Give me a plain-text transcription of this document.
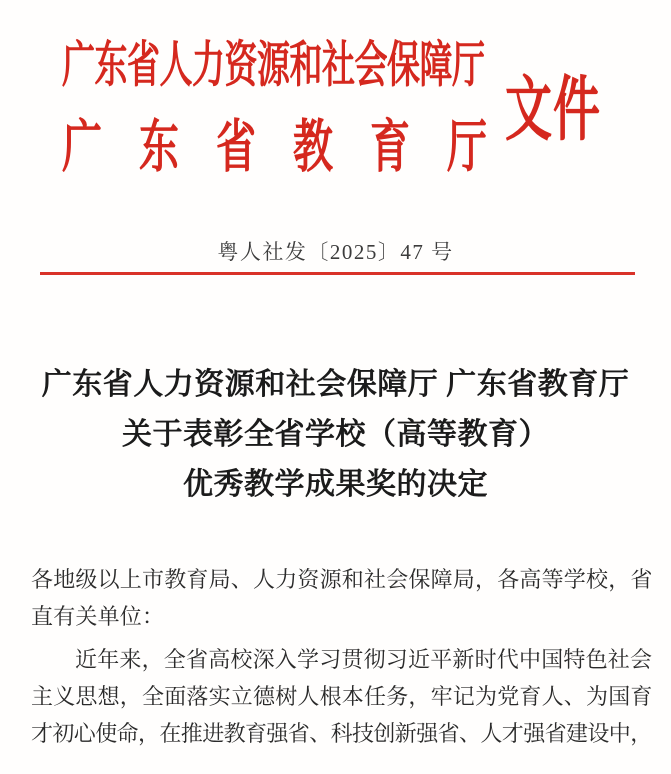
广东省人力资源和社会保障厅
广东省教育厅
文件
粤人社发〔2025〕47 号
广东省人力资源和社会保障厅 广东省教育厅
关于表彰全省学校（高等教育）
优秀教学成果奖的决定
各地级以上市教育局、人力资源和社会保障局，各高等学校，省
直有关单位：
近年来，全省高校深入学习贯彻习近平新时代中国特色社会
主义思想，全面落实立德树人根本任务，牢记为党育人、为国育
才初心使命，在推进教育强省、科技创新强省、人才强省建设中，
